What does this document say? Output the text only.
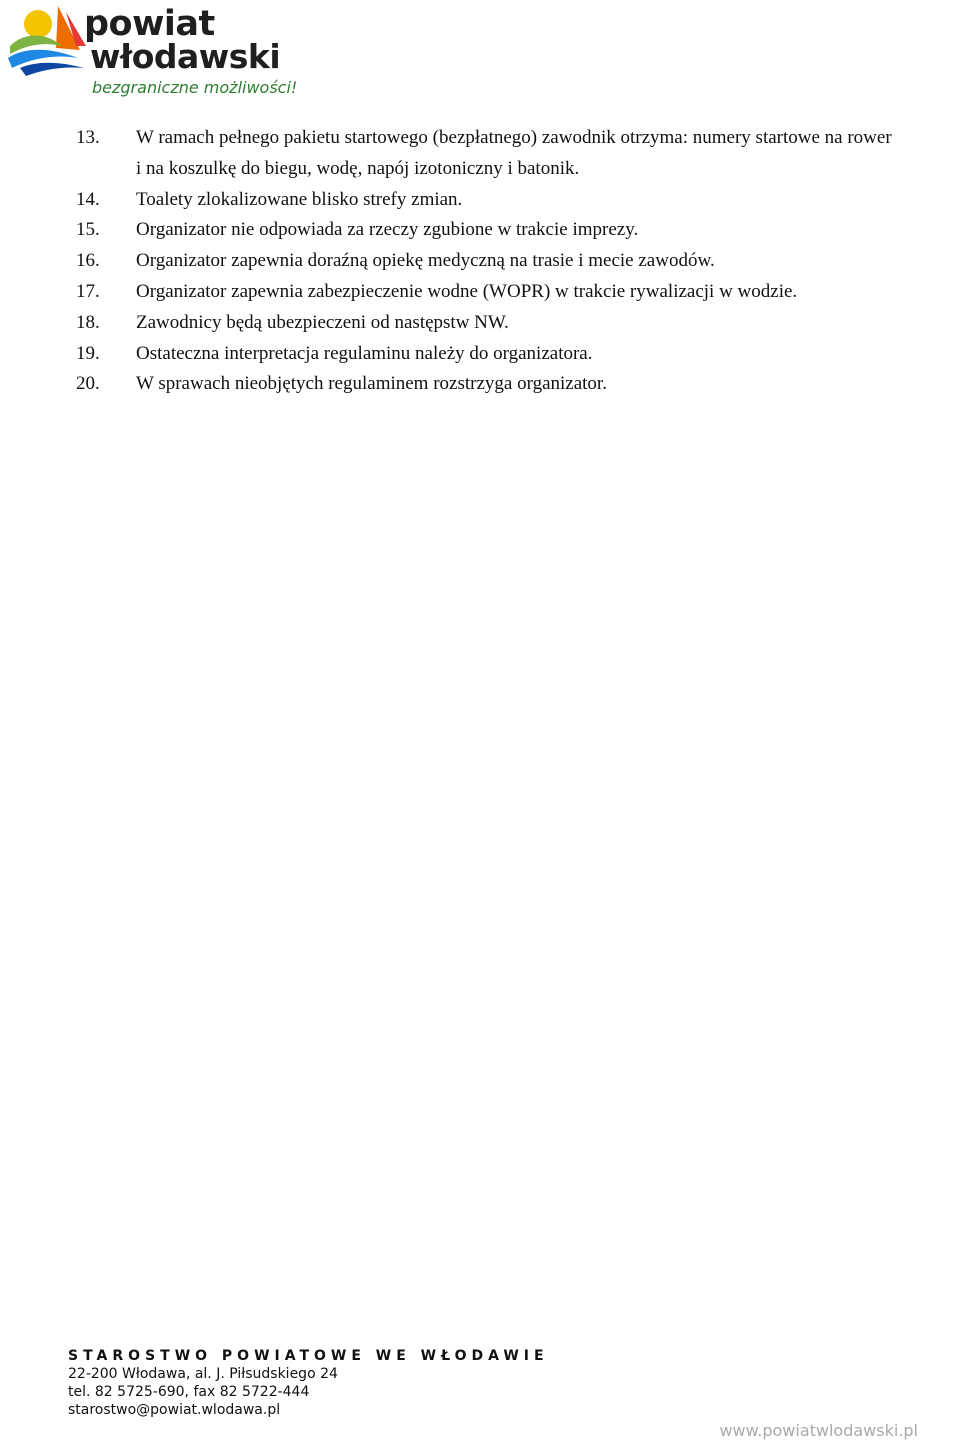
powiat
włodawski
bezgraniczne możliwości!
13. W ramach pełnego pakietu startowego (bezpłatnego) zawodnik otrzyma: numery startowe na rower
i na koszulkę do biegu, wodę, napój izotoniczny i batonik.
14. Toalety zlokalizowane blisko strefy zmian.
15. Organizator nie odpowiada za rzeczy zgubione w trakcie imprezy.
16. Organizator zapewnia doraźną opiekę medyczną na trasie i mecie zawodów.
17. Organizator zapewnia zabezpieczenie wodne (WOPR) w trakcie rywalizacji w wodzie.
18. Zawodnicy będą ubezpieczeni od następstw NW.
19. Ostateczna interpretacja regulaminu należy do organizatora.
20. W sprawach nieobjętych regulaminem rozstrzyga organizator.
STAROSTWO POWIATOWE WE WŁODAWIE
22-200 Włodawa, al. J. Piłsudskiego 24
tel. 82 5725-690, fax 82 5722-444
starostwo@powiat.wlodawa.pl
www.powiatwlodawski.pl
